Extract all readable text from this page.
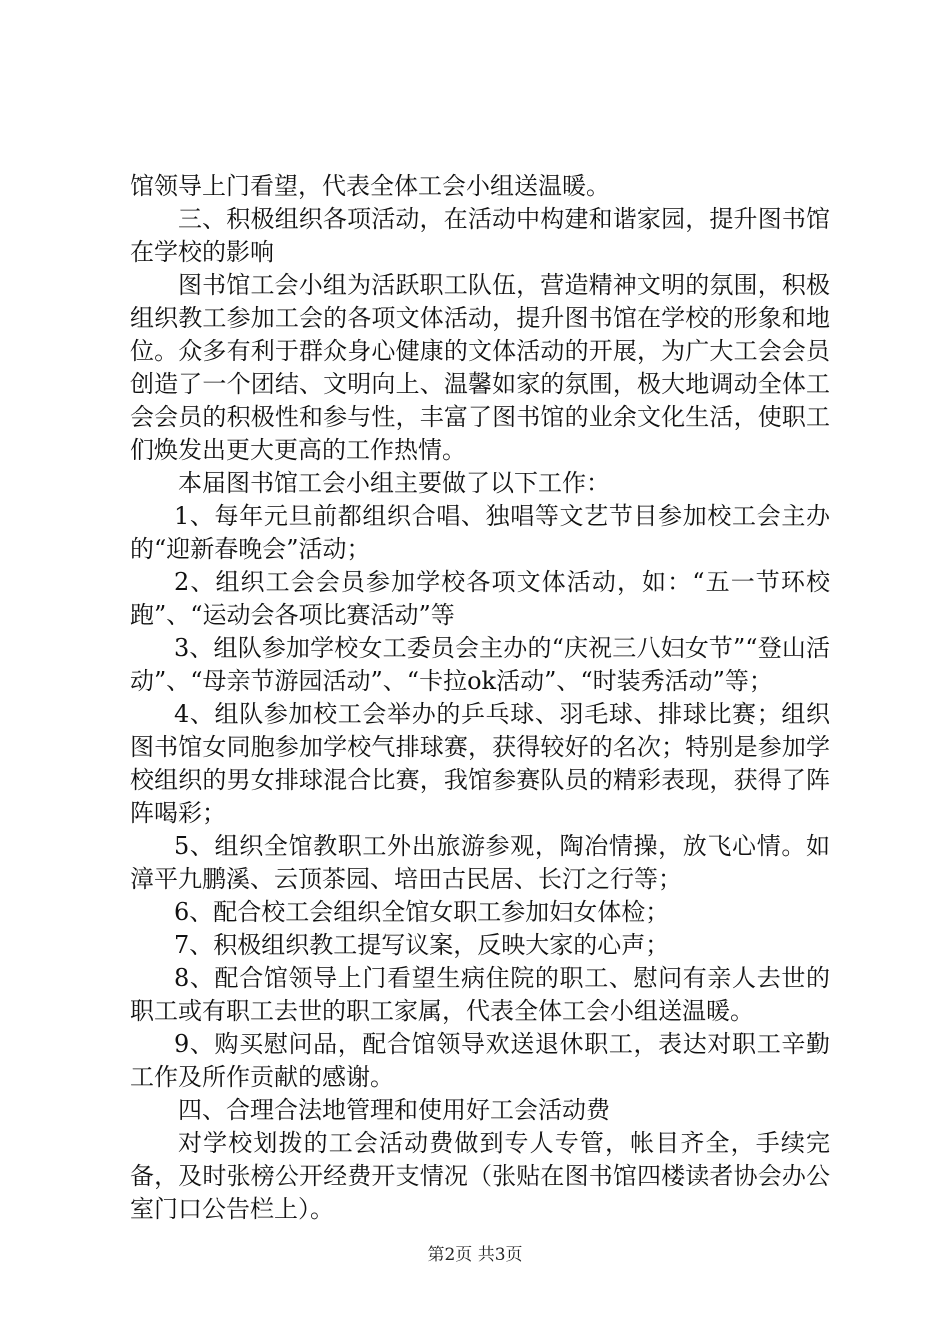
馆领导上门看望，代表全体工会小组送温暖。

三、积极组织各项活动，在活动中构建和谐家园，提升图书馆在学校的影响

图书馆工会小组为活跃职工队伍，营造精神文明的氛围，积极组织教工参加工会的各项文体活动，提升图书馆在学校的形象和地位。众多有利于群众身心健康的文体活动的开展，为广大工会会员创造了一个团结、文明向上、温馨如家的氛围，极大地调动全体工会会员的积极性和参与性，丰富了图书馆的业余文化生活，使职工们焕发出更大更高的工作热情。

本届图书馆工会小组主要做了以下工作：

1、每年元旦前都组织合唱、独唱等文艺节目参加校工会主办的“迎新春晚会”活动；

2、组织工会会员参加学校各项文体活动，如：“五一节环校跑”、“运动会各项比赛活动”等

3、组队参加学校女工委员会主办的“庆祝三八妇女节”“登山活动”、“母亲节游园活动”、“卡拉ok活动”、“时装秀活动”等；

4、组队参加校工会举办的乒乓球、羽毛球、排球比赛；组织图书馆女同胞参加学校气排球赛，获得较好的名次；特别是参加学校组织的男女排球混合比赛，我馆参赛队员的精彩表现，获得了阵阵喝彩；

5、组织全馆教职工外出旅游参观，陶冶情操，放飞心情。如漳平九鹏溪、云顶茶园、培田古民居、长汀之行等；

6、配合校工会组织全馆女职工参加妇女体检；

7、积极组织教工提写议案，反映大家的心声；

8、配合馆领导上门看望生病住院的职工、慰问有亲人去世的职工或有职工去世的职工家属，代表全体工会小组送温暖。

9、购买慰问品，配合馆领导欢送退休职工，表达对职工辛勤工作及所作贡献的感谢。

四、合理合法地管理和使用好工会活动费

对学校划拨的工会活动费做到专人专管，帐目齐全，手续完备，及时张榜公开经费开支情况（张贴在图书馆四楼读者协会办公室门口公告栏上）。

第2页 共3页
